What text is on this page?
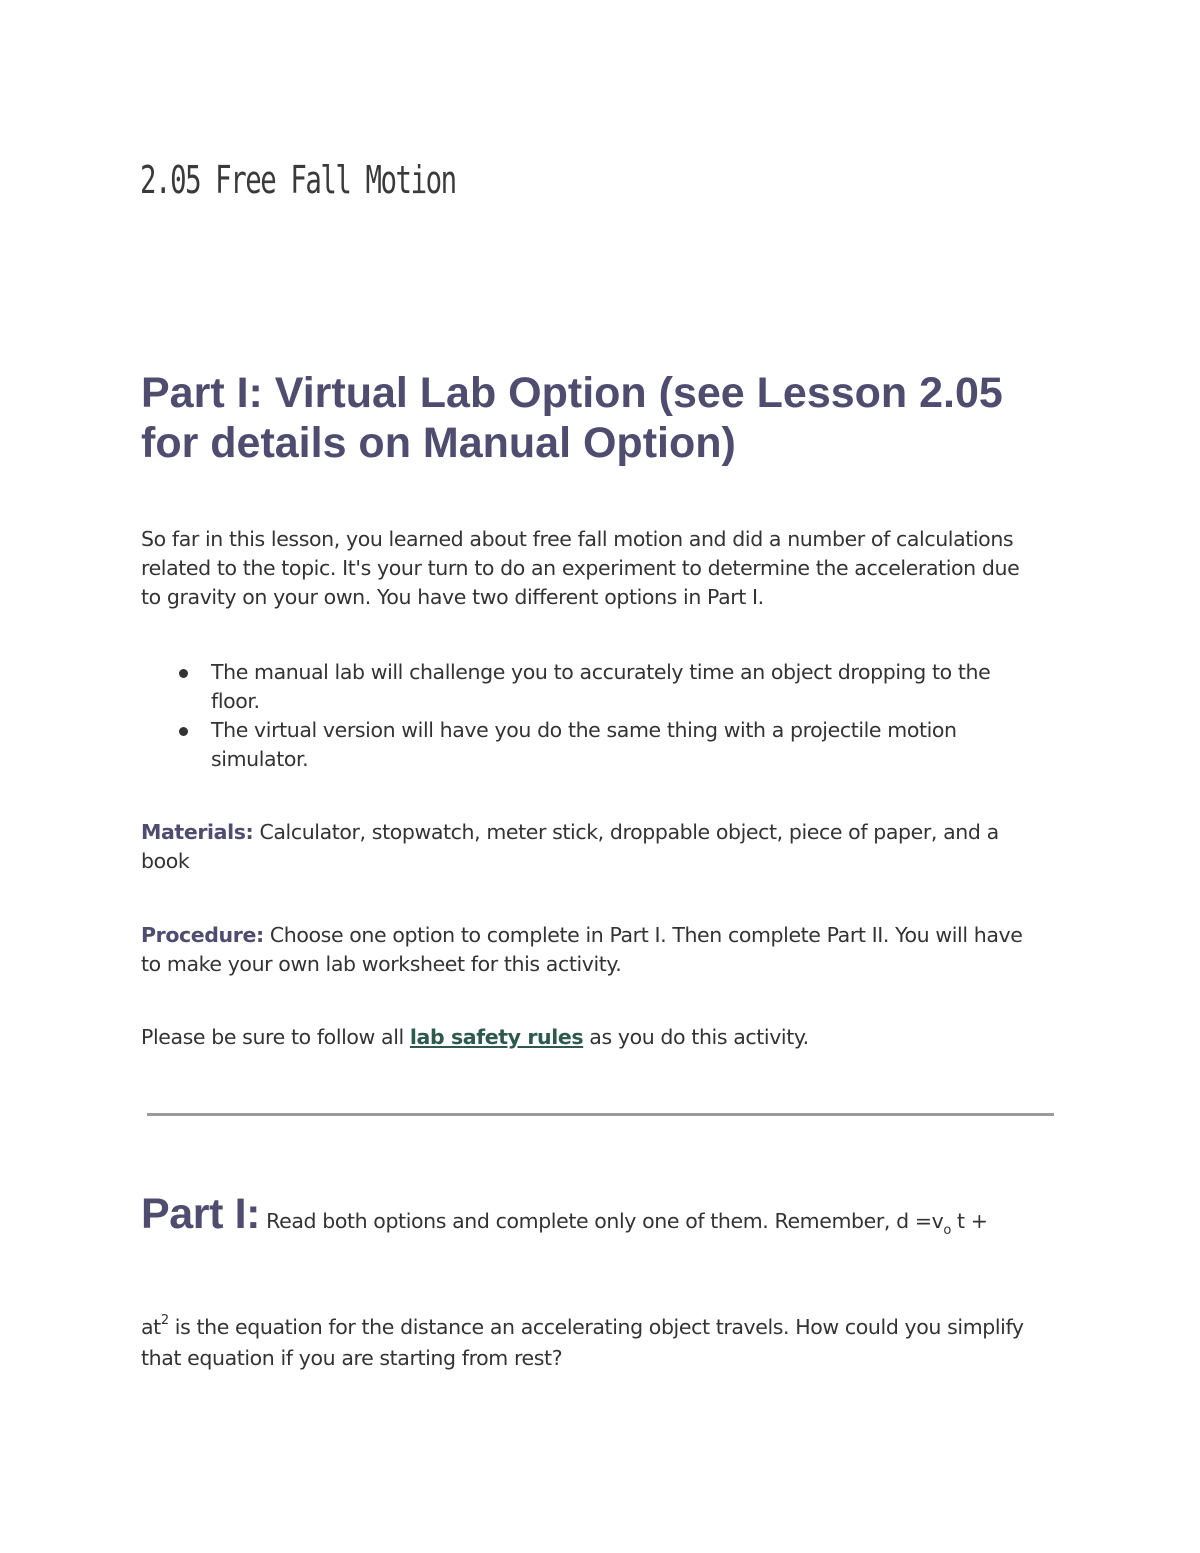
2.05 Free Fall Motion
Part I: Virtual Lab Option (see Lesson 2.05 for details on Manual Option)

So far in this lesson, you learned about free fall motion and did a number of calculations related to the topic. It's your turn to do an experiment to determine the acceleration due to gravity on your own. You have two different options in Part I.

The manual lab will challenge you to accurately time an object dropping to the floor.
The virtual version will have you do the same thing with a projectile motion simulator.

Materials: Calculator, stopwatch, meter stick, droppable object, piece of paper, and a book

Procedure: Choose one option to complete in Part I. Then complete Part II. You will have to make your own lab worksheet for this activity.

Please be sure to follow all lab safety rules as you do this activity.

Part I: Read both options and complete only one of them. Remember, $d =v_o$ t +

$at^2$ is the equation for the distance an accelerating object travels. How could you simplify that equation if you are starting from rest?
